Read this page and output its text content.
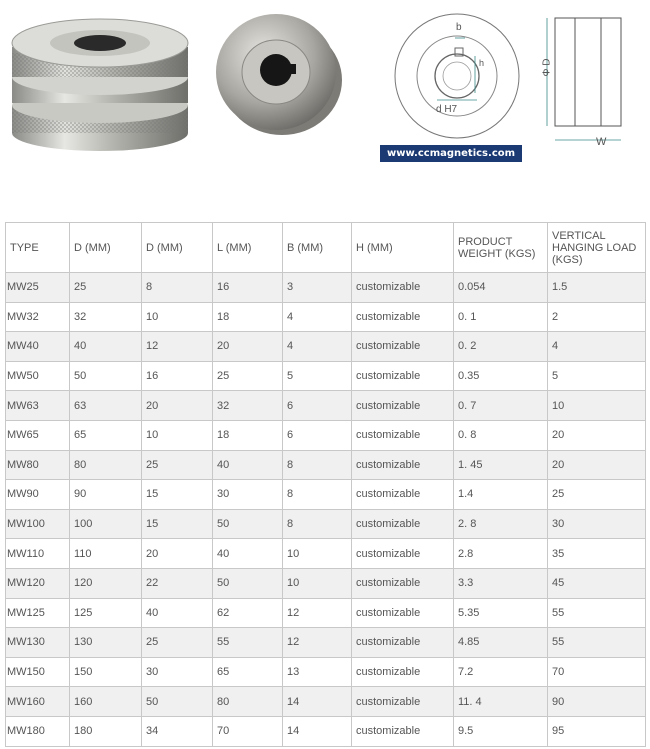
b
h
d H7
Φ D
W
www.ccmagnetics.com
TYPE	D (MM)	D (MM)	L (MM)	B (MM)	H (MM)	PRODUCT WEIGHT (KGS)	VERTICAL HANGING LOAD (KGS)
MW25	25	8	16	3	customizable	0.054	1.5
MW32	32	10	18	4	customizable	0. 1	2
MW40	40	12	20	4	customizable	0. 2	4
MW50	50	16	25	5	customizable	0.35	5
MW63	63	20	32	6	customizable	0. 7	10
MW65	65	10	18	6	customizable	0. 8	20
MW80	80	25	40	8	customizable	1. 45	20
MW90	90	15	30	8	customizable	1.4	25
MW100	100	15	50	8	customizable	2. 8	30
MW110	110	20	40	10	customizable	2.8	35
MW120	120	22	50	10	customizable	3.3	45
MW125	125	40	62	12	customizable	5.35	55
MW130	130	25	55	12	customizable	4.85	55
MW150	150	30	65	13	customizable	7.2	70
MW160	160	50	80	14	customizable	11. 4	90
MW180	180	34	70	14	customizable	9.5	95
